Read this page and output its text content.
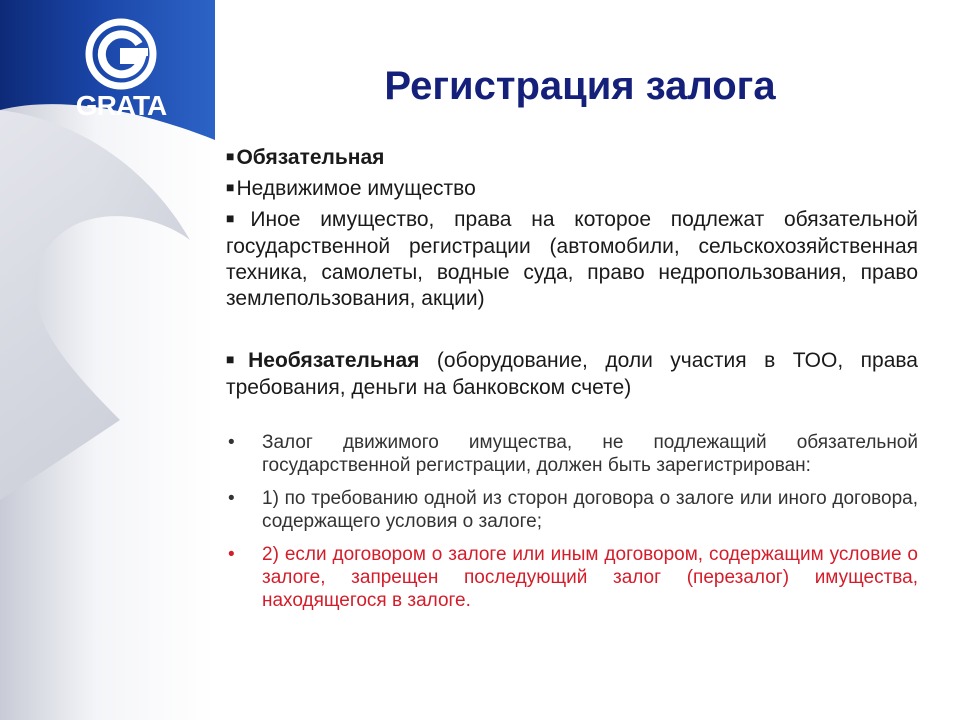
GRATA	Регистрация залога

■Обязательная

■Недвижимое имущество

■Иное имущество, права на которое подлежат обязательной государственной регистрации (автомобили, сельскохозяйственная техника, самолеты, водные суда, право недропользования, право землепользования, акции)

■Необязательная (оборудование, доли участия в ТОО, права требования, деньги на банковском счете)

• Залог движимого имущества, не подлежащий обязательной государственной регистрации, должен быть зарегистрирован:
• 1) по требованию одной из сторон договора о залоге или иного договора, содержащего условия о залоге;
• 2) если договором о залоге или иным договором, содержащим условие о залоге, запрещен последующий залог (перезалог) имущества, находящегося в залоге.
